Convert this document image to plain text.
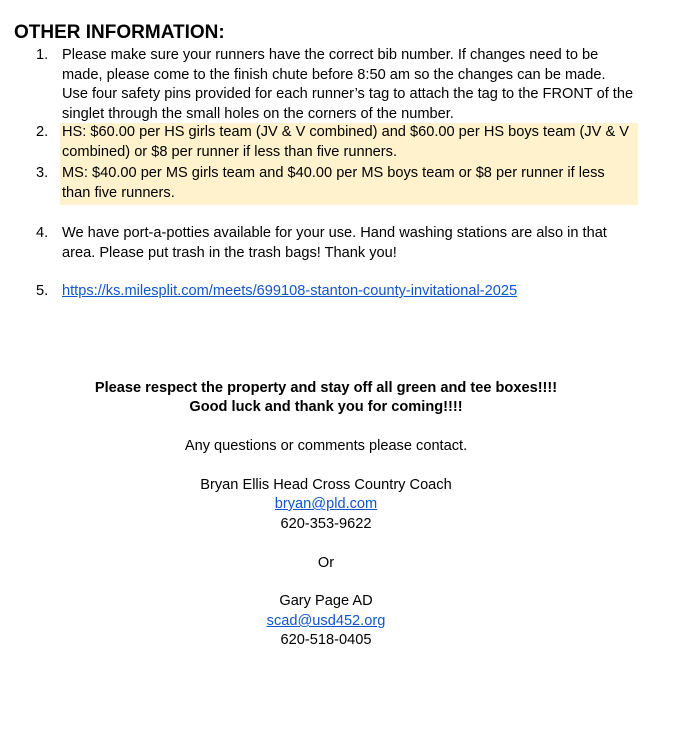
OTHER INFORMATION:
1. Please make sure your runners have the correct bib number. If changes need to be
made, please come to the finish chute before 8:50 am so the changes can be made.
Use four safety pins provided for each runner’s tag to attach the tag to the FRONT of the
singlet through the small holes on the corners of the number.
2. HS: $60.00 per HS girls team (JV & V combined) and $60.00 per HS boys team (JV & V
combined) or $8 per runner if less than five runners.
3. MS: $40.00 per MS girls team and $40.00 per MS boys team or $8 per runner if less
than five runners.
4. We have port-a-potties available for your use. Hand washing stations are also in that
area. Please put trash in the trash bags! Thank you!
5. https://ks.milesplit.com/meets/699108-stanton-county-invitational-2025
Please respect the property and stay off all green and tee boxes!!!!
Good luck and thank you for coming!!!!
Any questions or comments please contact.
Bryan Ellis Head Cross Country Coach
bryan@pld.com
620-353-9622
Or
Gary Page AD
scad@usd452.org
620-518-0405
